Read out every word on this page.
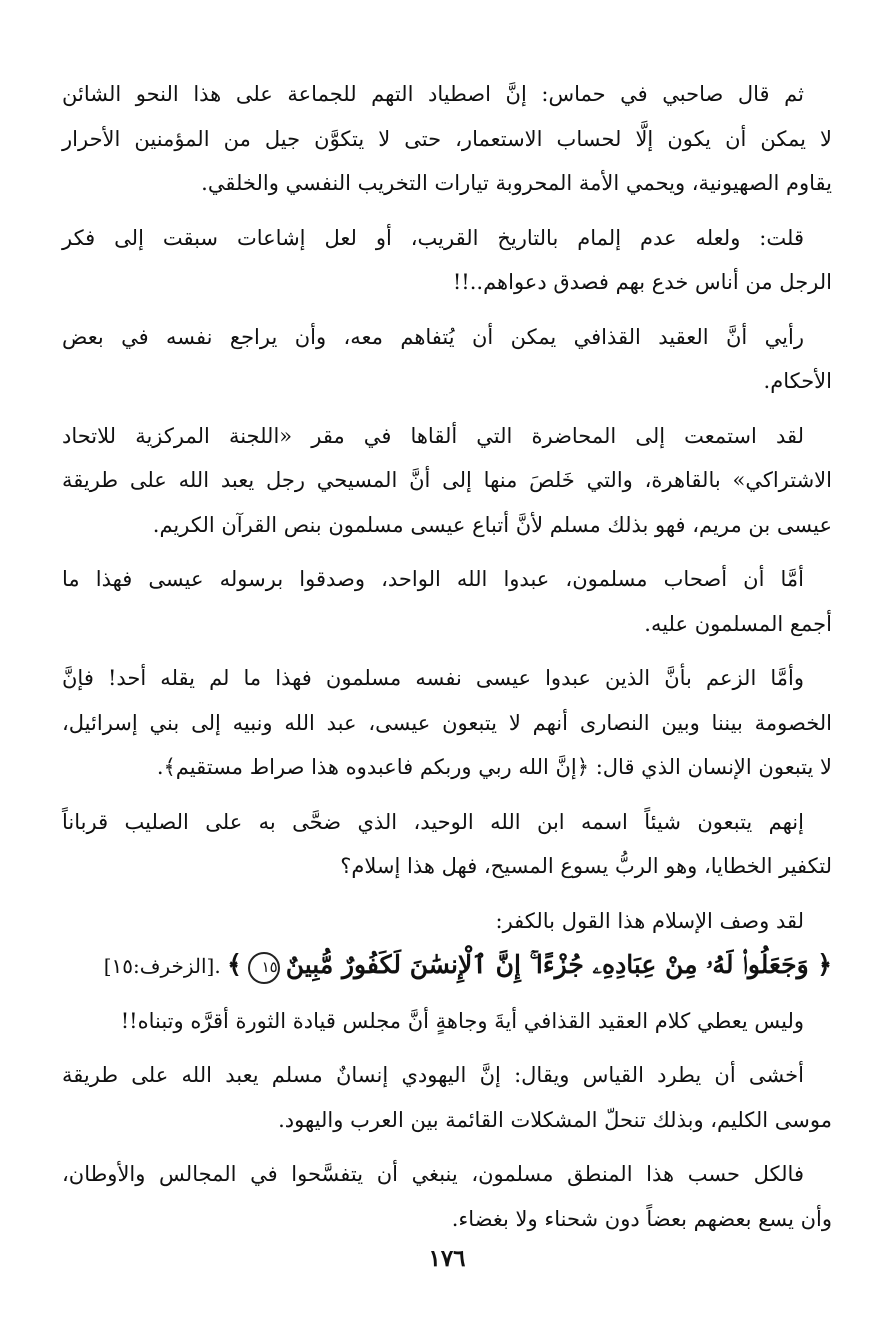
ثم قال صاحبي في حماس: إنَّ اصطياد التهم للجماعة على هذا النحو الشائن
لا يمكن أن يكون إلَّا لحساب الاستعمار، حتى لا يتكوَّن جيل من المؤمنين الأحرار
يقاوم الصهيونية، ويحمي الأمة المحروبة تيارات التخريب النفسي والخلقي.
قلت: ولعله عدم إلمام بالتاريخ القريب، أو لعل إشاعات سبقت إلى فكر
الرجل من أناس خدع بهم فصدق دعواهم..!!
رأيي أنَّ العقيد القذافي يمكن أن يُتفاهم معه، وأن يراجع نفسه في بعض
الأحكام.
لقد استمعت إلى المحاضرة التي ألقاها في مقر «اللجنة المركزية للاتحاد
الاشتراكي» بالقاهرة، والتي خَلصَ منها إلى أنَّ المسيحي رجل يعبد الله على طريقة
عيسى بن مريم، فهو بذلك مسلم لأنَّ أتباع عيسى مسلمون بنص القرآن الكريم.
أمَّا أن أصحاب مسلمون، عبدوا الله الواحد، وصدقوا برسوله عيسى فهذا ما
أجمع المسلمون عليه.
وأمَّا الزعم بأنَّ الذين عبدوا عيسى نفسه مسلمون فهذا ما لم يقله أحد! فإنَّ
الخصومة بيننا وبين النصارى أنهم لا يتبعون عيسى، عبد الله ونبيه إلى بني إسرائيل،
لا يتبعون الإنسان الذي قال: ﴿إنَّ الله ربي وربكم فاعبدوه هذا صراط مستقيم﴾.
إنهم يتبعون شيئاً اسمه ابن الله الوحيد، الذي ضحَّى به على الصليب قرباناً
لتكفير الخطايا، وهو الربُّ يسوع المسيح، فهل هذا إسلام؟
لقد وصف الإسلام هذا القول بالكفر:
﴿ وَجَعَلُوا۟ لَهُۥ مِنْ عِبَادِهِۦ جُزْءًا ۚ إِنَّ ٱلْإِنسَٰنَ لَكَفُورٌ مُّبِينٌ١٥﴾ .[الزخرف:١٥]
وليس يعطي كلام العقيد القذافي أيةَ وجاهةٍ أنَّ مجلس قيادة الثورة أقرَّه وتبناه!!
أخشى أن يطرد القياس ويقال: إنَّ اليهودي إنسانٌ مسلم يعبد الله على طريقة
موسى الكليم، وبذلك تنحلّ المشكلات القائمة بين العرب واليهود.
فالكل حسب هذا المنطق مسلمون، ينبغي أن يتفسَّحوا في المجالس والأوطان،
وأن يسع بعضهم بعضاً دون شحناء ولا بغضاء.
١٧٦
